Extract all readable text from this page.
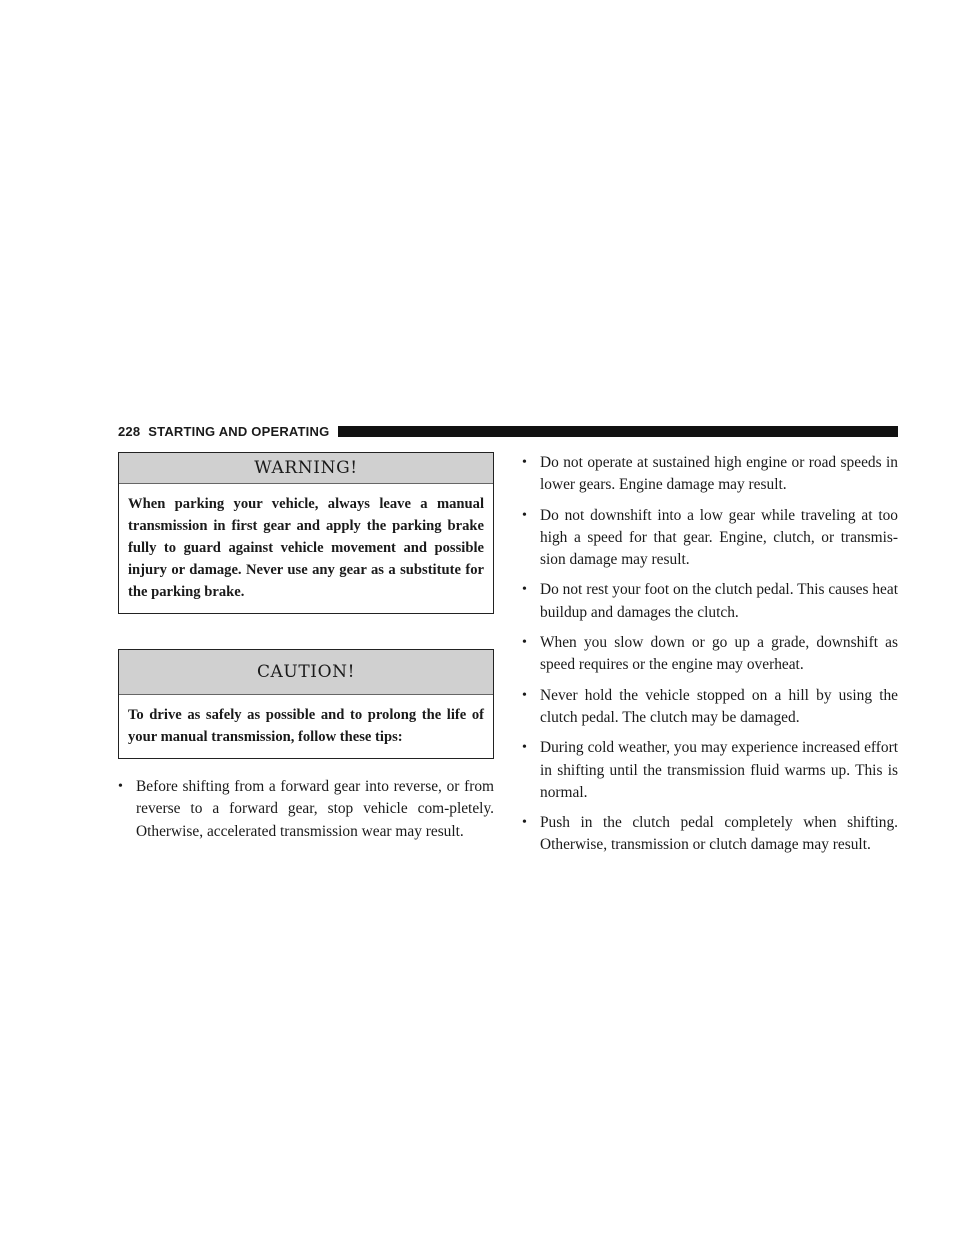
228 STARTING AND OPERATING
WARNING!
When parking your vehicle, always leave a manual transmission in first gear and apply the parking brake fully to guard against vehicle movement and possible injury or damage. Never use any gear as a substitute for the parking brake.
CAUTION!
To drive as safely as possible and to prolong the life of your manual transmission, follow these tips:
• Before shifting from a forward gear into reverse, or from reverse to a forward gear, stop vehicle com-pletely. Otherwise, accelerated transmission wear may result.
• Do not operate at sustained high engine or road speeds in lower gears. Engine damage may result.
• Do not downshift into a low gear while traveling at too high a speed for that gear. Engine, clutch, or transmis-sion damage may result.
• Do not rest your foot on the clutch pedal. This causes heat buildup and damages the clutch.
• When you slow down or go up a grade, downshift as speed requires or the engine may overheat.
• Never hold the vehicle stopped on a hill by using the clutch pedal. The clutch may be damaged.
• During cold weather, you may experience increased effort in shifting until the transmission fluid warms up. This is normal.
• Push in the clutch pedal completely when shifting. Otherwise, transmission or clutch damage may result.
